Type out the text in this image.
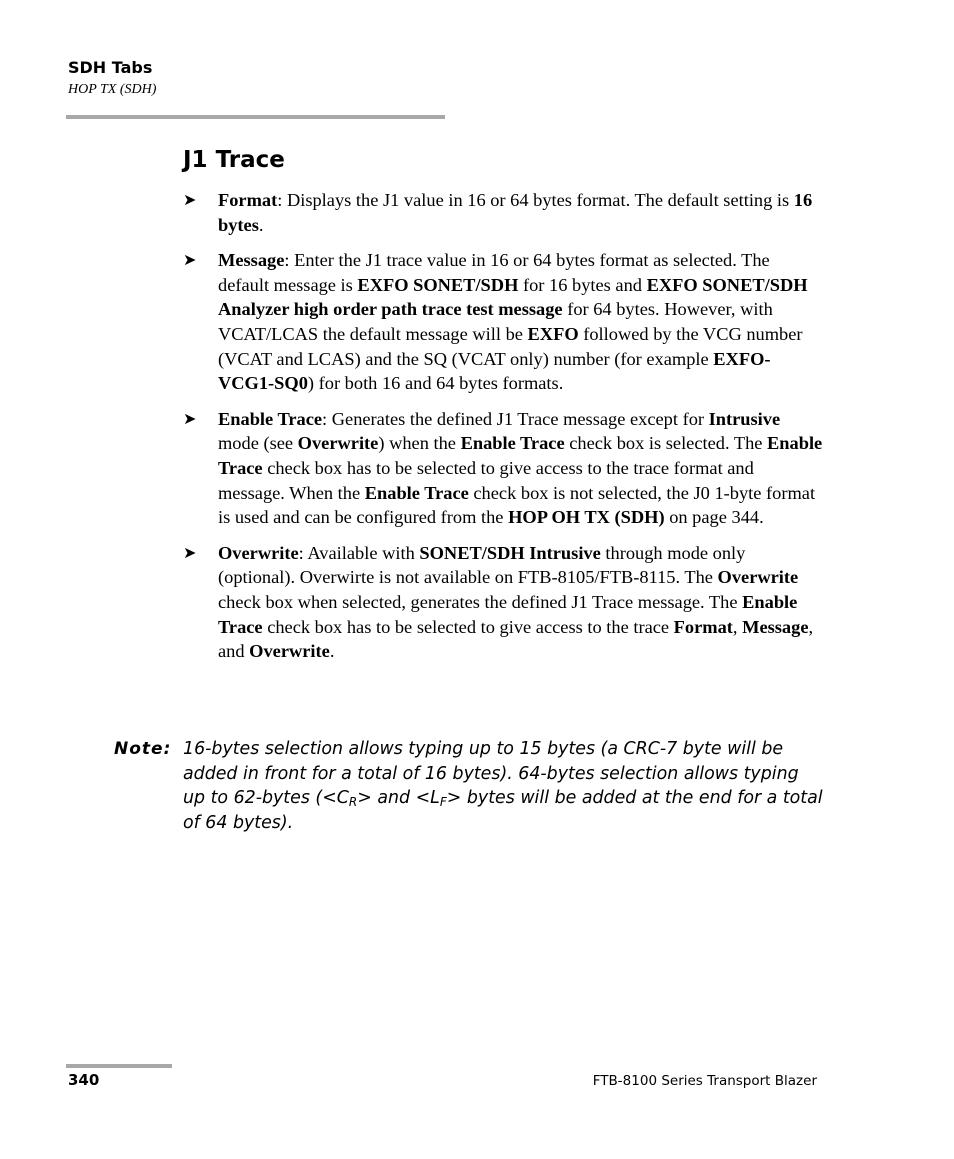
SDH Tabs
HOP TX (SDH)
J1 Trace
➤ Format: Displays the J1 value in 16 or 64 bytes format. The default setting is 16 bytes.
➤ Message: Enter the J1 trace value in 16 or 64 bytes format as selected. The default message is EXFO SONET/SDH for 16 bytes and EXFO SONET/SDH Analyzer high order path trace test message for 64 bytes. However, with VCAT/LCAS the default message will be EXFO followed by the VCG number (VCAT and LCAS) and the SQ (VCAT only) number (for example EXFO-VCG1-SQ0) for both 16 and 64 bytes formats.
➤ Enable Trace: Generates the defined J1 Trace message except for Intrusive mode (see Overwrite) when the Enable Trace check box is selected. The Enable Trace check box has to be selected to give access to the trace format and message. When the Enable Trace check box is not selected, the J0 1-byte format is used and can be configured from the HOP OH TX (SDH) on page 344.
➤ Overwrite: Available with SONET/SDH Intrusive through mode only (optional). Overwirte is not available on FTB-8105/FTB-8115. The Overwrite check box when selected, generates the defined J1 Trace message. The Enable Trace check box has to be selected to give access to the trace Format, Message, and Overwrite.
Note: 16-bytes selection allows typing up to 15 bytes (a CRC-7 byte will be added in front for a total of 16 bytes). 64-bytes selection allows typing up to 62-bytes ($<C_R>$ and $<L_F>$ bytes will be added at the end for a total of 64 bytes).
340	FTB-8100 Series Transport Blazer
